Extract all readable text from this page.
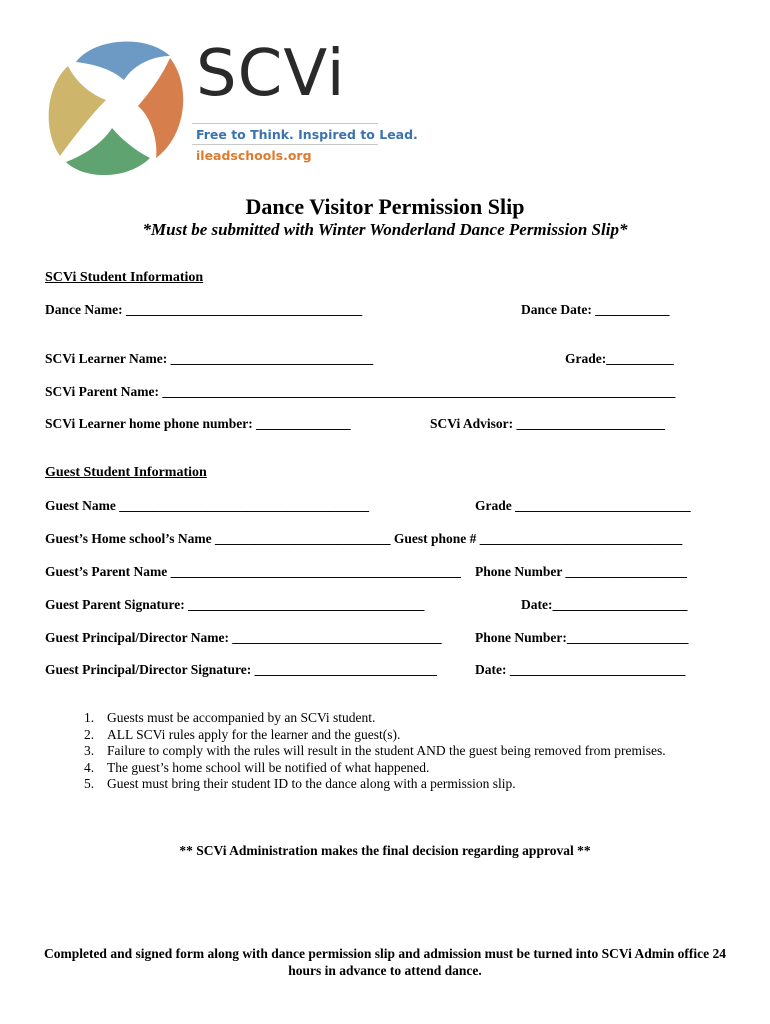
SCVi
Free to Think. Inspired to Lead.
ileadschools.org
Dance Visitor Permission Slip
*Must be submitted with Winter Wonderland Dance Permission Slip*
SCVi Student Information
Dance Name: ___________________________________	Dance Date: ___________
SCVi Learner Name: ______________________________	Grade:__________
SCVi Parent Name: ____________________________________________________________________________
SCVi Learner home phone number: ______________	SCVi Advisor: ______________________
Guest Student Information
Guest Name _____________________________________	Grade __________________________
Guest’s Home school’s Name __________________________ Guest phone # ______________________________
Guest’s Parent Name ___________________________________________ Phone Number __________________
Guest Parent Signature: ___________________________________	Date:____________________
Guest Principal/Director Name: _______________________________ Phone Number:__________________
Guest Principal/Director Signature: ___________________________	Date: __________________________
1. Guests must be accompanied by an SCVi student.
2. ALL SCVi rules apply for the learner and the guest(s).
3. Failure to comply with the rules will result in the student AND the guest being removed from premises.
4. The guest’s home school will be notified of what happened.
5. Guest must bring their student ID to the dance along with a permission slip.
** SCVi Administration makes the final decision regarding approval **
Completed and signed form along with dance permission slip and admission must be turned into SCVi Admin office 24 hours in advance to attend dance.
